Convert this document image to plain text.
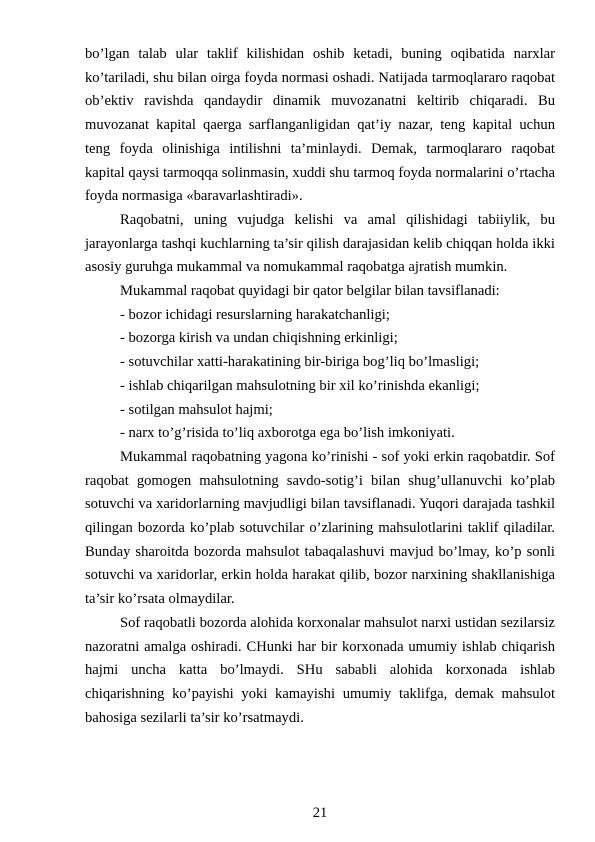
bo’lgan talab ular taklif kilishidan oshib ketadi, buning oqibatida narxlar ko’tariladi, shu bilan oirga foyda normasi oshadi. Natijada tarmoqlararo raqobat ob’ektiv ravishda qandaydir dinamik muvozanatni keltirib chiqaradi. Bu muvozanat kapital qaerga sarflanganligidan qat’iy nazar, teng kapital uchun teng foyda olinishiga intilishni ta’minlaydi. Demak, tarmoqlararo raqobat kapital qaysi tarmoqqa solinmasin, xuddi shu tarmoq foyda normalarini o’rtacha foyda normasiga «baravarlashtiradi».

Raqobatni, uning vujudga kelishi va amal qilishidagi tabiiylik, bu jarayonlarga tashqi kuchlarning ta’sir qilish darajasidan kelib chiqqan holda ikki asosiy guruhga mukammal va nomukammal raqobatga ajratish mumkin.

Mukammal raqobat quyidagi bir qator belgilar bilan tavsiflanadi:

- bozor ichidagi resurslarning harakatchanligi;

- bozorga kirish va undan chiqishning erkinligi;

- sotuvchilar xatti-harakatining bir-biriga bog’liq bo’lmasligi;

- ishlab chiqarilgan mahsulotning bir xil ko’rinishda ekanligi;

- sotilgan mahsulot hajmi;

- narx to’g’risida to’liq axborotga ega bo’lish imkoniyati.

Mukammal raqobatning yagona ko’rinishi - sof yoki erkin raqobatdir. Sof raqobat gomogen mahsulotning savdo-sotig’i bilan shug’ullanuvchi ko’plab sotuvchi va xaridorlarning mavjudligi bilan tavsiflanadi. Yuqori darajada tashkil qilingan bozorda ko’plab sotuvchilar o’zlarining mahsulotlarini taklif qiladilar. Bunday sharoitda bozorda mahsulot tabaqalashuvi mavjud bo’lmay, ko’p sonli sotuvchi va xaridorlar, erkin holda harakat qilib, bozor narxining shakllanishiga ta’sir ko’rsata olmaydilar.

Sof raqobatli bozorda alohida korxonalar mahsulot narxi ustidan sezilarsiz nazoratni amalga oshiradi. CHunki har bir korxonada umumiy ishlab chiqarish hajmi uncha katta bo’lmaydi. SHu sababli alohida korxonada ishlab chiqarishning ko’payishi yoki kamayishi umumiy taklifga, demak mahsulot bahosiga sezilarli ta’sir ko’rsatmaydi.

21
